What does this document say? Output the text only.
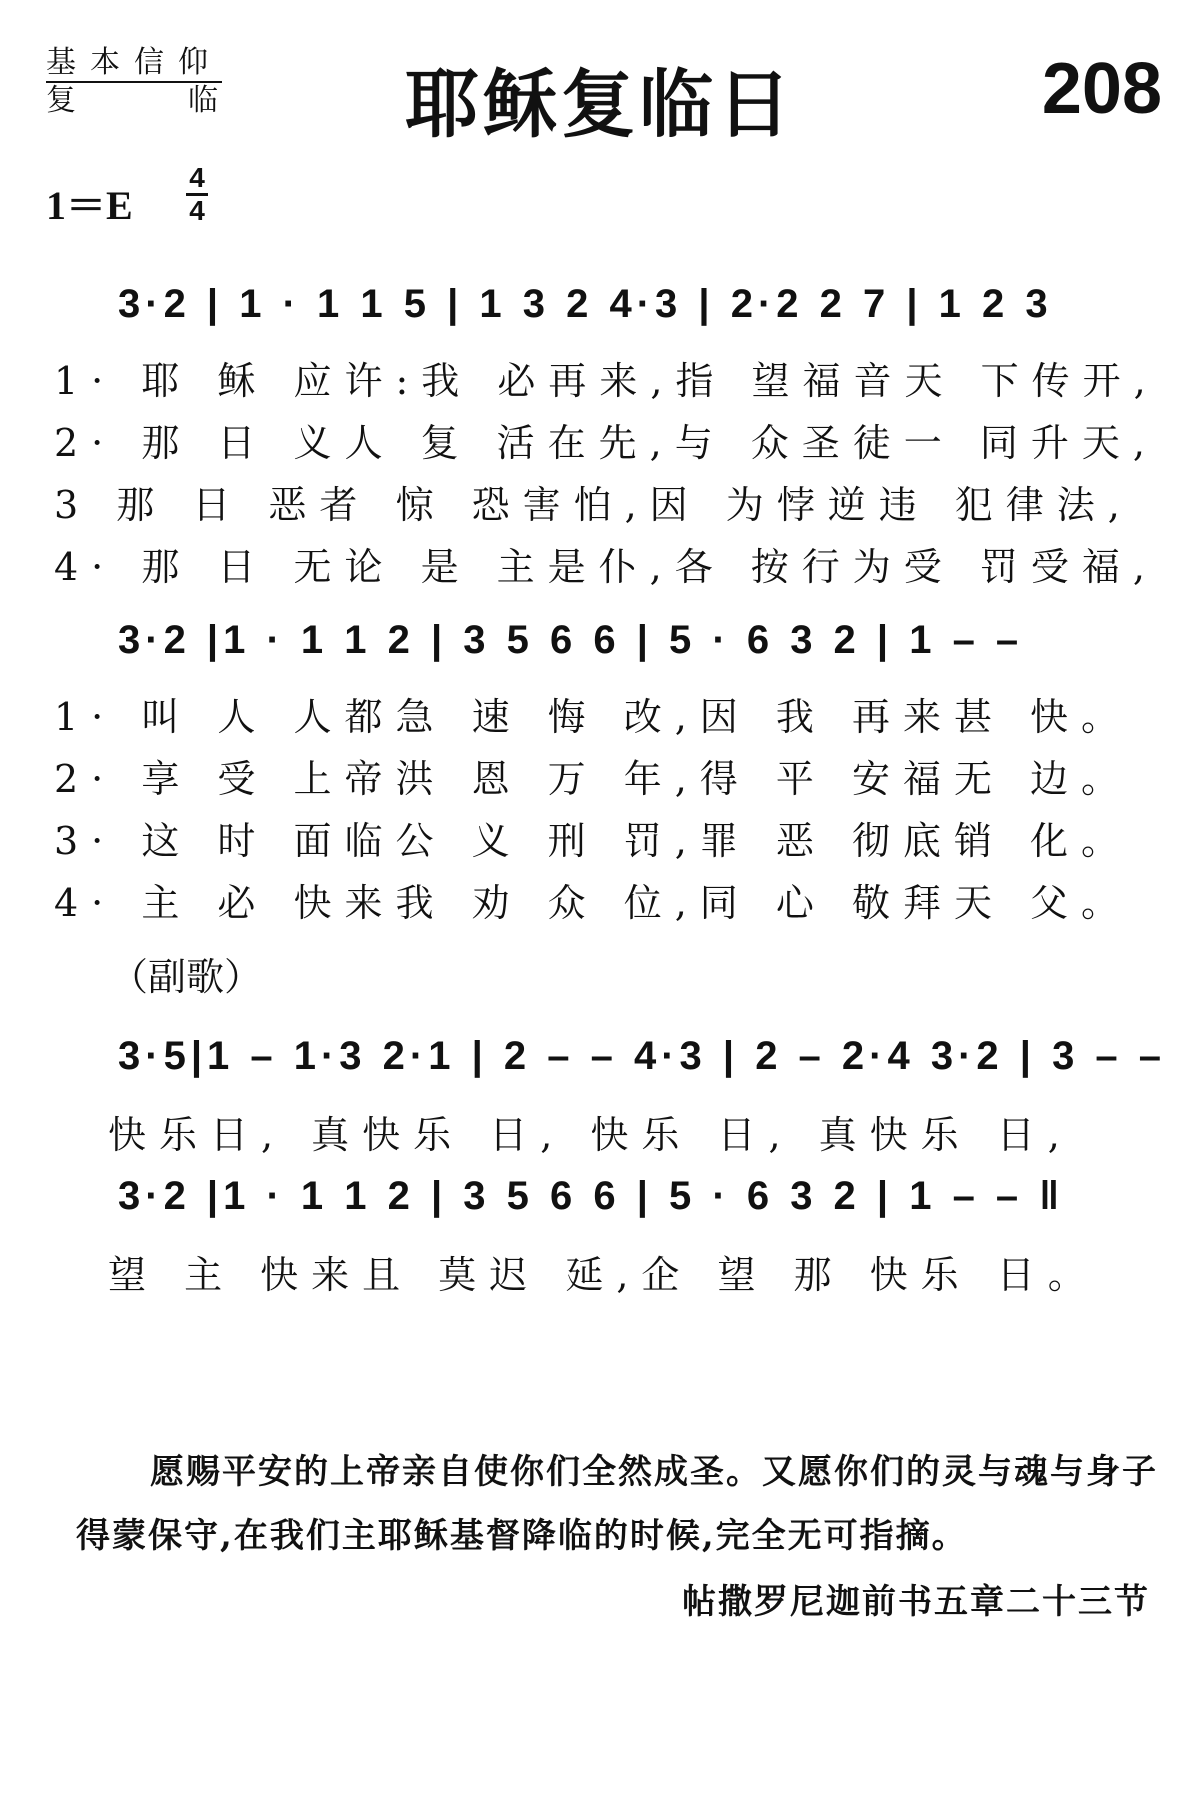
基本信仰
复	临	耶稣复临日	208
1＝E
4
4
3·2 | 1 · 1 1 5 | 1 3 2 4·3 | 2·2 2 7 | 1 2 3
1· 耶 稣 应许:我 必再来,指 望福音天 下传开,
2· 那 日 义人 复 活在先,与 众圣徒一 同升天,
3 那 日 恶者 惊 恐害怕,因 为悖逆违 犯律法,
4· 那 日 无论 是 主是仆,各 按行为受 罚受福,
3·2 |1 · 1 1 2 | 3 5 6 6 | 5 · 6 3 2 | 1 – –
1· 叫 人 人都急 速 悔 改,因 我 再来甚 快。
2· 享 受 上帝洪 恩 万 年,得 平 安福无 边。
3· 这 时 面临公 义 刑 罚,罪 恶 彻底销 化。
4· 主 必 快来我 劝 众 位,同 心 敬拜天 父。
（副歌）
3·5|1 – 1·3 2·1 | 2 – – 4·3 | 2 – 2·4 3·2 | 3 – –
快乐日, 真快乐 日, 快乐 日, 真快乐 日,
3·2 |1 · 1 1 2 | 3 5 6 6 | 5 · 6 3 2 | 1 – – ‖
望 主 快来且 莫迟 延,企 望 那 快乐 日。
愿赐平安的上帝亲自使你们全然成圣。又愿你们的灵与魂与身子得蒙保守,在我们主耶稣基督降临的时候,完全无可指摘。
帖撒罗尼迦前书五章二十三节
